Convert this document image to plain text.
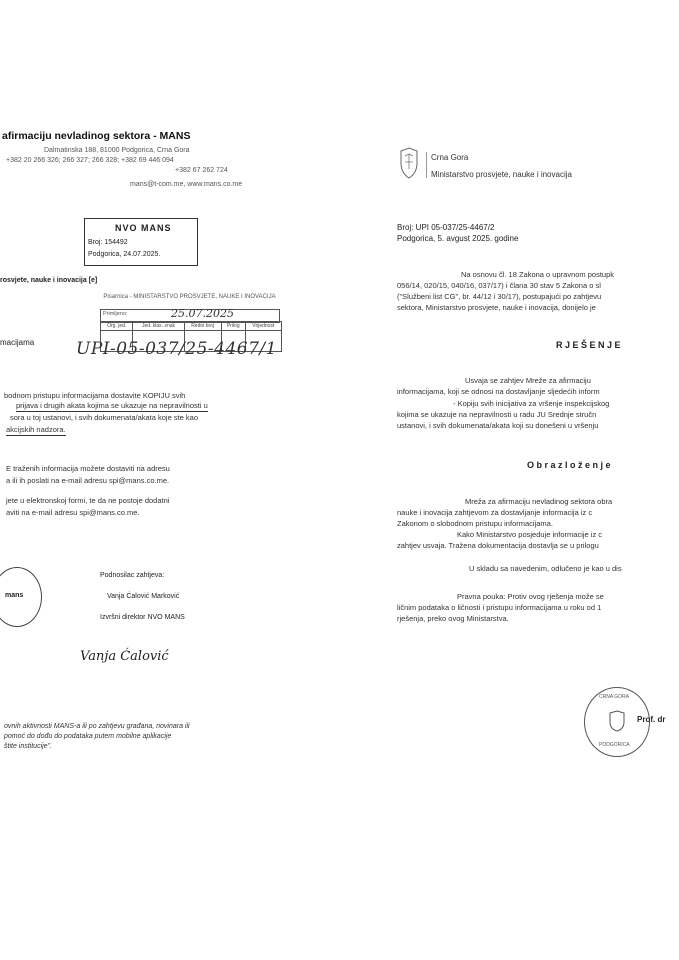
afirmaciju nevladinog sektora - MANS
Dalmatinska 188, 81000 Podgorica, Crna Gora
+382 20 266 326; 266 327; 266 328; +382 69 446 094
+382 67 262 724
mans@t-com.me, www.mans.co.me
NVO MANS
Broj: 154492
Podgorica, 24.07.2025.
rosvjete, nauke i inovacija [e]
Pisarnica - MINISTARSTVO PROSVJETE, NAUKE I INOVACIJA
Primljeno:	25.07.2025
Org. jed.	Jed. klas. znak	Redni broj	Prilog	Vrijednost

UPI-05-037/25-4467/1
macijama
bodnom pristupu informacijama dostavite KOPIJU svih
prijava i drugih akata kojima se ukazuje na nepravilnosti u
sora u toj ustanovi, i svih dokumenata/akata koje ste kao
akcijskih nadzora.
E traženih informacija možete dostaviti na adresu
a ili ih poslati na e-mail adresu spi@mans.co.me.
jete u elektronskoj formi, te da ne postoje dodatni
aviti na e-mail adresu spi@mans.co.me.
Podnosilac zahtjeva:
Vanja Ćalović Marković
Izvršni direktor NVO MANS
Vanja Ćalović
mans
ovnih aktivnosti MANS-a ili po zahtjevu građana, novinara ili
pomoć do dođu do podataka putem mobilne aplikacije
štite institucije".
Crna Gora
Ministarstvo prosvjete, nauke i inovacija
Broj: UPI 05-037/25-4467/2
Podgorica, 5. avgust 2025. godine
Na osnovu čl. 18 Zakona o upravnom postupk
056/14, 020/15, 040/16, 037/17) i člana 30 stav 5 Zakona o sl
("Službeni list CG", br. 44/12 i 30/17), postupajući po zahtjevu
sektora, Ministarstvo prosvjete, nauke i inovacija, donijelo je
R J E Š E N J E
Usvaja se zahtjev Mreže za afirmaciju
informacijama, koji se odnosi na dostavljanje sljedećih inform
- Kopiju svih inicijativa za vršenje inspekcijskog
kojima se ukazuje na nepravilnosti u radu JU Srednje stručn
ustanovi, i svih dokumenata/akata koji su donešeni u vršenju
O b r a z l o ž e n j e
Mreža za afirmaciju nevladinog sektora obra
nauke i inovacija zahtjevom za dostavljanje informacija iz c
Zakonom o slobodnom pristupu informacijama.
Kako Ministarstvo posjeduje informacije iz c
zahtjev usvaja. Tražena dokumentacija dostavlja se u prilogu
U skladu sa navedenim, odlučeno je kao u dis
Pravna pouka: Protiv ovog rješenja može se
ličnim podataka o ličnosti i pristupu informacijama u roku od 1
rješenja, preko ovog Ministarstva.
CRNA GORA
PODGORICA
Prof. dr
